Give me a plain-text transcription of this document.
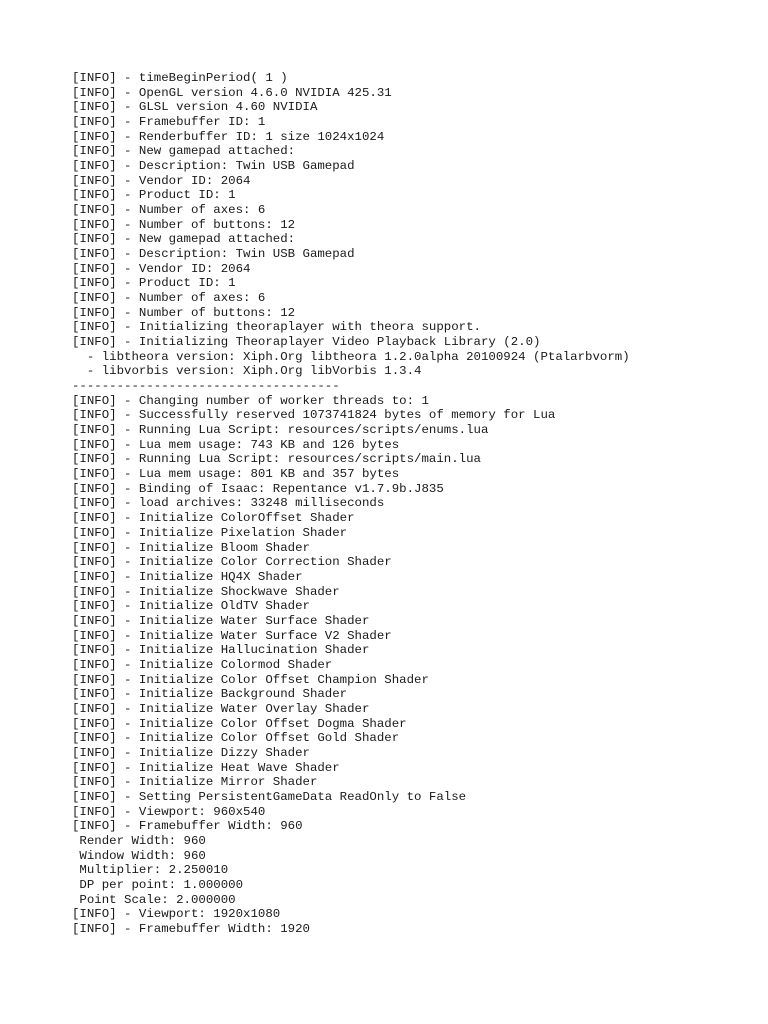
[INFO] - timeBeginPeriod( 1 )
[INFO] - OpenGL version 4.6.0 NVIDIA 425.31
[INFO] - GLSL version 4.60 NVIDIA
[INFO] - Framebuffer ID: 1
[INFO] - Renderbuffer ID: 1 size 1024x1024
[INFO] - New gamepad attached:
[INFO] - Description: Twin USB Gamepad
[INFO] - Vendor ID: 2064
[INFO] - Product ID: 1
[INFO] - Number of axes: 6
[INFO] - Number of buttons: 12
[INFO] - New gamepad attached:
[INFO] - Description: Twin USB Gamepad
[INFO] - Vendor ID: 2064
[INFO] - Product ID: 1
[INFO] - Number of axes: 6
[INFO] - Number of buttons: 12
[INFO] - Initializing theoraplayer with theora support.
[INFO] - Initializing Theoraplayer Video Playback Library (2.0)
- libtheora version: Xiph.Org libtheora 1.2.0alpha 20100924 (Ptalarbvorm)
- libvorbis version: Xiph.Org libVorbis 1.3.4
------------------------------------
[INFO] - Changing number of worker threads to: 1
[INFO] - Successfully reserved 1073741824 bytes of memory for Lua
[INFO] - Running Lua Script: resources/scripts/enums.lua
[INFO] - Lua mem usage: 743 KB and 126 bytes
[INFO] - Running Lua Script: resources/scripts/main.lua
[INFO] - Lua mem usage: 801 KB and 357 bytes
[INFO] - Binding of Isaac: Repentance v1.7.9b.J835
[INFO] - load archives: 33248 milliseconds
[INFO] - Initialize ColorOffset Shader
[INFO] - Initialize Pixelation Shader
[INFO] - Initialize Bloom Shader
[INFO] - Initialize Color Correction Shader
[INFO] - Initialize HQ4X Shader
[INFO] - Initialize Shockwave Shader
[INFO] - Initialize OldTV Shader
[INFO] - Initialize Water Surface Shader
[INFO] - Initialize Water Surface V2 Shader
[INFO] - Initialize Hallucination Shader
[INFO] - Initialize Colormod Shader
[INFO] - Initialize Color Offset Champion Shader
[INFO] - Initialize Background Shader
[INFO] - Initialize Water Overlay Shader
[INFO] - Initialize Color Offset Dogma Shader
[INFO] - Initialize Color Offset Gold Shader
[INFO] - Initialize Dizzy Shader
[INFO] - Initialize Heat Wave Shader
[INFO] - Initialize Mirror Shader
[INFO] - Setting PersistentGameData ReadOnly to False
[INFO] - Viewport: 960x540
[INFO] - Framebuffer Width: 960
Render Width: 960
Window Width: 960
Multiplier: 2.250010
DP per point: 1.000000
Point Scale: 2.000000
[INFO] - Viewport: 1920x1080
[INFO] - Framebuffer Width: 1920
